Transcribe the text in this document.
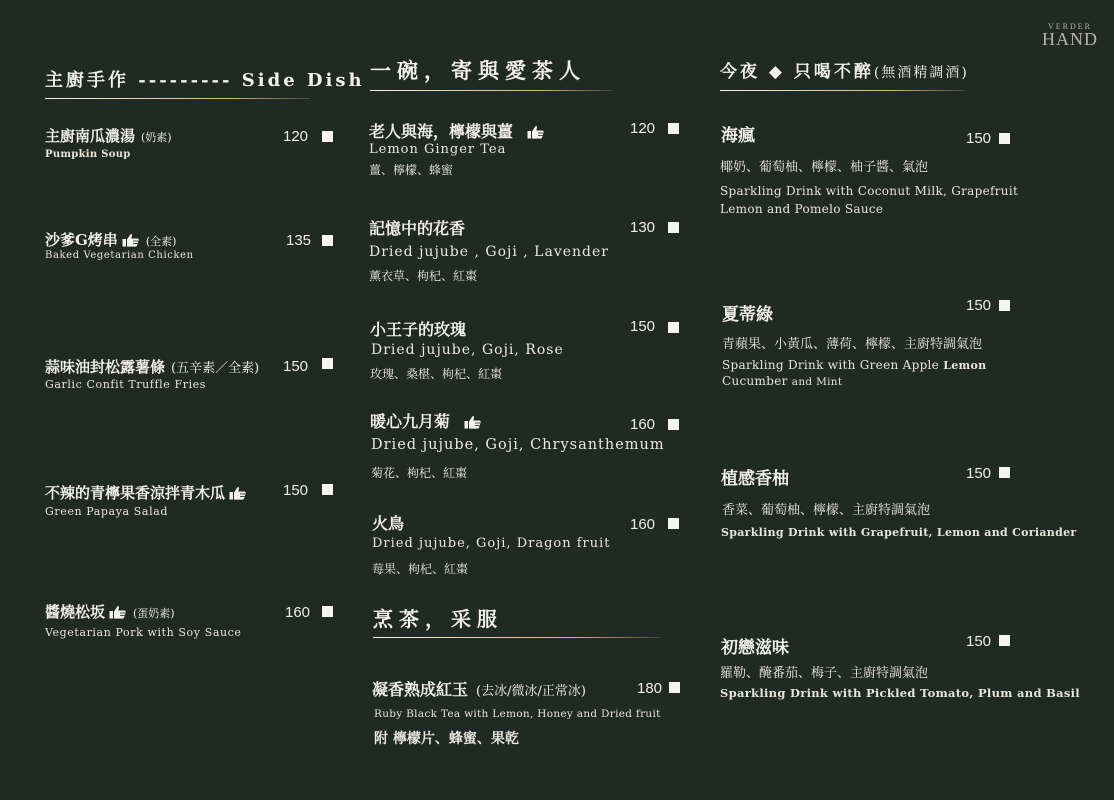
VERDER
HAND
主廚手作 --------- Side Dish
主廚南瓜濃湯 (奶素)
Pumpkin Soup
120
沙爹G烤串	(全素)
Baked Vegetarian Chicken
135
蒜味油封松露薯條 (五辛素／全素)
Garlic Confit Truffle Fries
150
不辣的青檸果香涼拌青木瓜
Green Papaya Salad
150
醬燒松坂	(蛋奶素)
Vegetarian Pork with Soy Sauce
160
一碗，寄與愛茶人
老人與海，檸檬與薑
Lemon Ginger Tea
薑、檸檬、蜂蜜
120
記憶中的花香
Dried jujube , Goji , Lavender
薰衣草、枸杞、紅棗
130
小王子的玫瑰
Dried jujube, Goji, Rose
玫瑰、桑椹、枸杞、紅棗
150
暖心九月菊
Dried jujube, Goji, Chrysanthemum
菊花、枸杞、紅棗
160
火鳥
Dried jujube, Goji, Dragon fruit
莓果、枸杞、紅棗
160
烹茶，采服
凝香熟成紅玉 (去冰/微冰/正常冰)	180
Ruby Black Tea with Lemon, Honey and Dried fruit
附 檸檬片、蜂蜜、果乾
今夜 ◆ 只喝不醉(無酒精調酒)
海瘋	150
椰奶、葡萄柚、檸檬、柚子醬、氣泡
Sparkling Drink with Coconut Milk, Grapefruit
Lemon and Pomelo Sauce
夏蒂綠	150
青蘋果、小黃瓜、薄荷、檸檬、主廚特調氣泡
Sparkling Drink with Green Apple Lemon
Cucumber and Mint
植感香柚	150
香菜、葡萄柚、檸檬、主廚特調氣泡
Sparkling Drink with Grapefruit, Lemon and Coriander
初戀滋味	150
羅勒、醃番茄、梅子、主廚特調氣泡
Sparkling Drink with Pickled Tomato, Plum and Basil
